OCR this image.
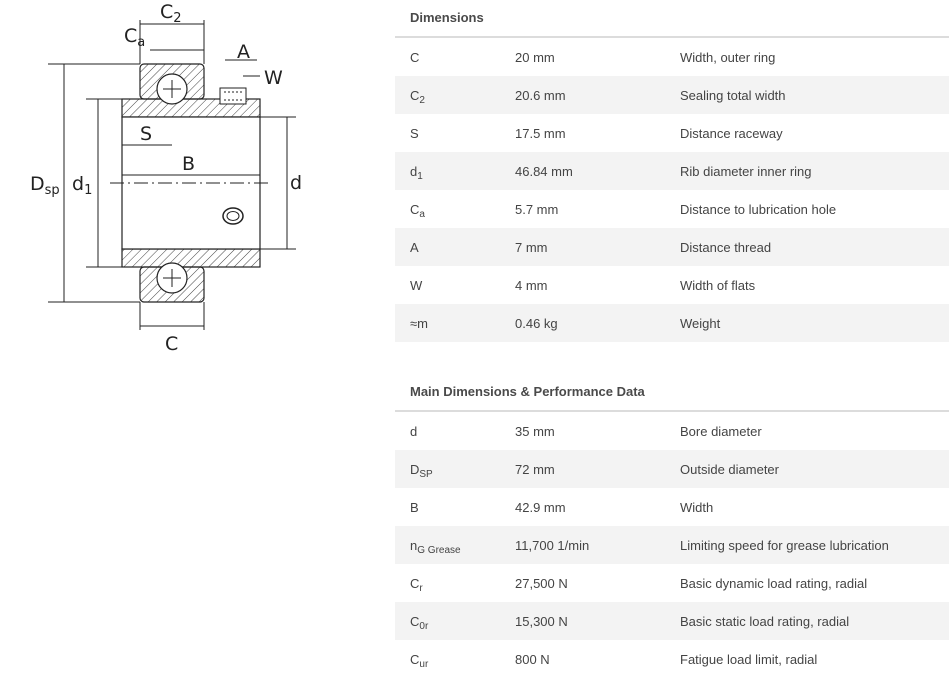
$D_{sp}$ $d_1$	d
B
S
C
$C_2$
$C_a$	A
W
Dimensions
C	20 mm	Width, outer ring
$C_2$	20.6 mm	Sealing total width
S	17.5 mm	Distance raceway
$d_1$	46.84 mm	Rib diameter inner ring
$C_a$	5.7 mm	Distance to lubrication hole
A	7 mm	Distance thread
W	4 mm	Width of flats
≈m	0.46 kg	Weight
Main Dimensions & Performance Data
d	35 mm	Bore diameter
$D_{SP}$	72 mm	Outside diameter
B	42.9 mm	Width
$n_{G Grease}$	11,700 1/min	Limiting speed for grease lubrication
$C_r$	27,500 N	Basic dynamic load rating, radial
$C_{0r}$	15,300 N	Basic static load rating, radial
$C_{ur}$	800 N	Fatigue load limit, radial
